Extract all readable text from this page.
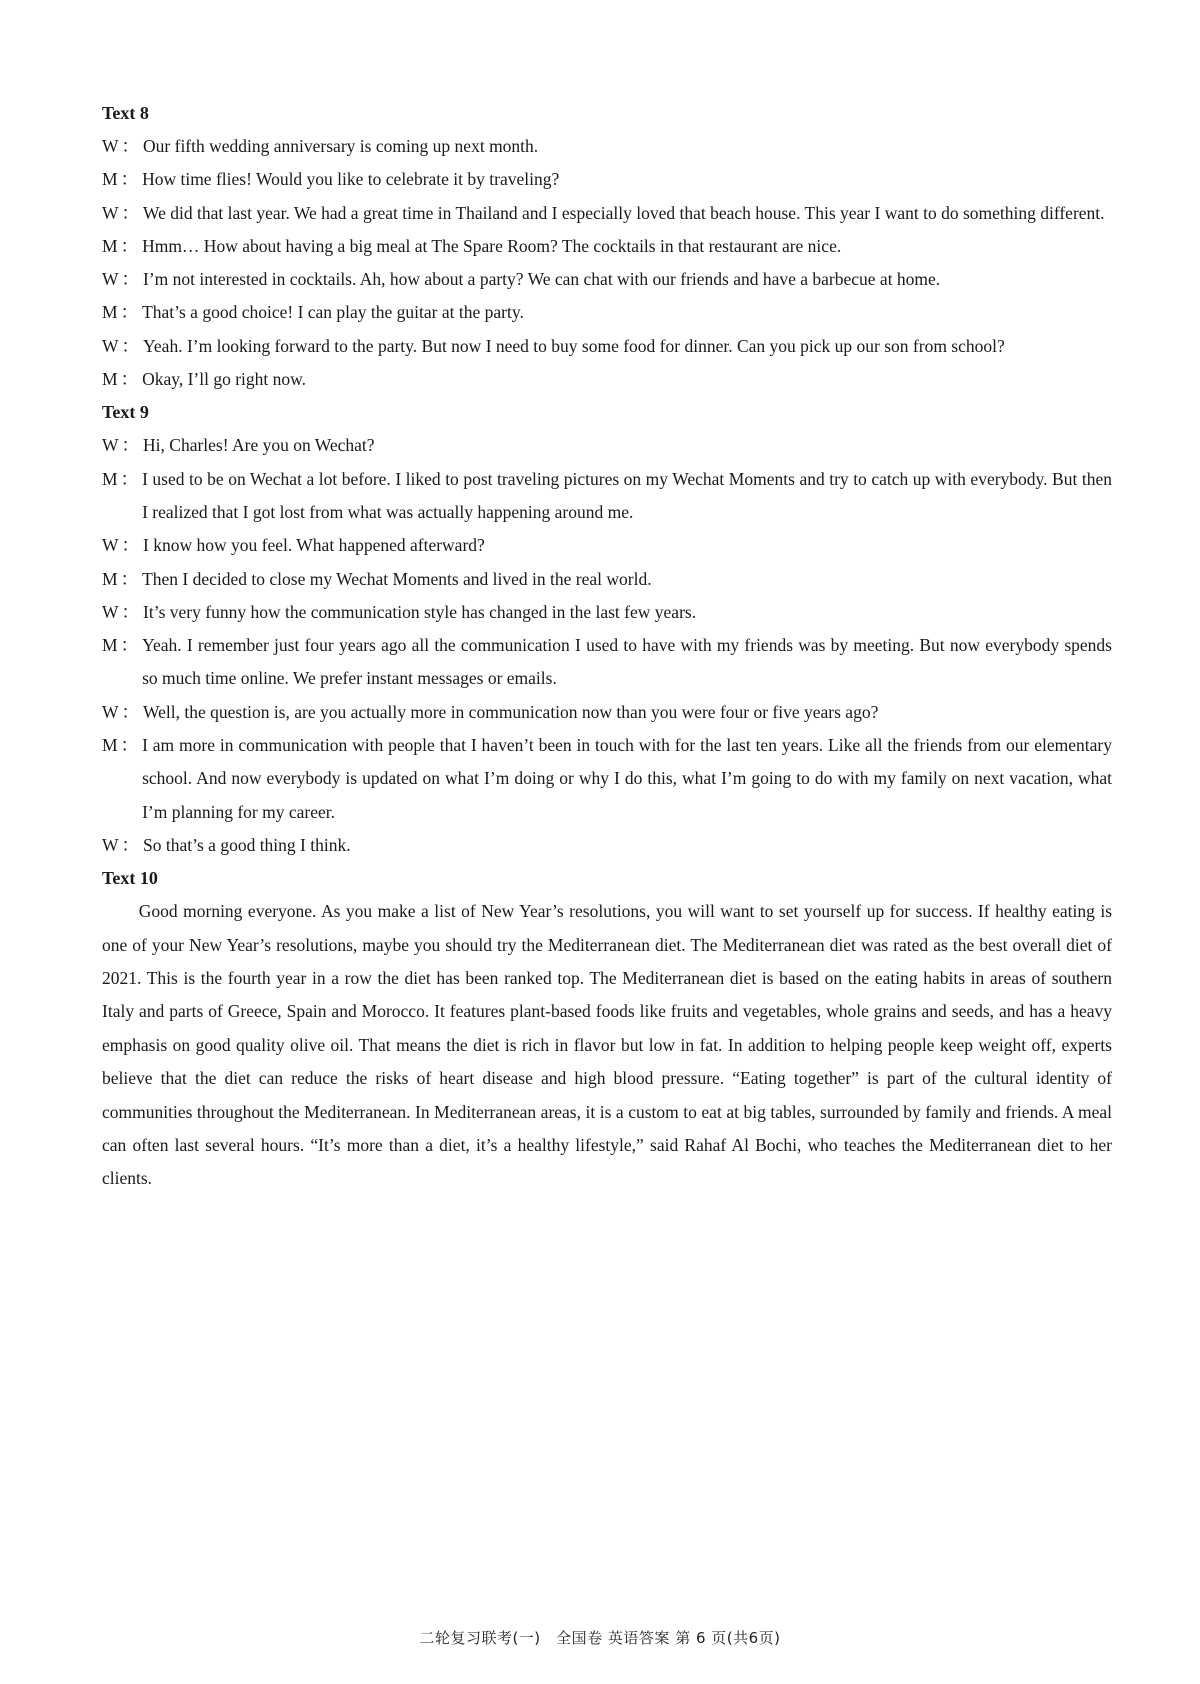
Text 8
W ： Our fifth wedding anniversary is coming up next month.
M ： How time flies! Would you like to celebrate it by traveling?
W ： We did that last year. We had a great time in Thailand and I especially loved that beach house. This year I want to do something different.
M ： Hmm… How about having a big meal at The Spare Room? The cocktails in that restaurant are nice.
W ： I’m not interested in cocktails. Ah, how about a party? We can chat with our friends and have a barbecue at home.
M ： That’s a good choice! I can play the guitar at the party.
W ： Yeah. I’m looking forward to the party. But now I need to buy some food for dinner. Can you pick up our son from school?
M ： Okay, I’ll go right now.
Text 9
W ： Hi, Charles! Are you on Wechat?
M ： I used to be on Wechat a lot before. I liked to post traveling pictures on my Wechat Moments and try to catch up with everybody. But then I realized that I got lost from what was actually happening around me.
W ： I know how you feel. What happened afterward?
M ： Then I decided to close my Wechat Moments and lived in the real world.
W ： It’s very funny how the communication style has changed in the last few years.
M ： Yeah. I remember just four years ago all the communication I used to have with my friends was by meeting. But now everybody spends so much time online. We prefer instant messages or emails.
W ： Well, the question is, are you actually more in communication now than you were four or five years ago?
M ： I am more in communication with people that I haven’t been in touch with for the last ten years. Like all the friends from our elementary school. And now everybody is updated on what I’m doing or why I do this, what I’m going to do with my family on next vacation, what I’m planning for my career.
W ： So that’s a good thing I think.
Text 10

Good morning everyone. As you make a list of New Year’s resolutions, you will want to set yourself up for success. If healthy eating is one of your New Year’s resolutions, maybe you should try the Mediterranean diet. The Mediterranean diet was rated as the best overall diet of 2021. This is the fourth year in a row the diet has been ranked top. The Mediterranean diet is based on the eating habits in areas of southern Italy and parts of Greece, Spain and Morocco. It features plant-based foods like fruits and vegetables, whole grains and seeds, and has a heavy emphasis on good quality olive oil. That means the diet is rich in flavor but low in fat. In addition to helping people keep weight off, experts believe that the diet can reduce the risks of heart disease and high blood pressure. “Eating together” is part of the cultural identity of communities throughout the Mediterranean. In Mediterranean areas, it is a custom to eat at big tables, surrounded by family and friends. A meal can often last several hours. “It’s more than a diet, it’s a healthy lifestyle,” said Rahaf Al Bochi, who teaches the Mediterranean diet to her clients.

二轮复习联考(一)　全国卷 英语答案 第 6 页(共6页)
